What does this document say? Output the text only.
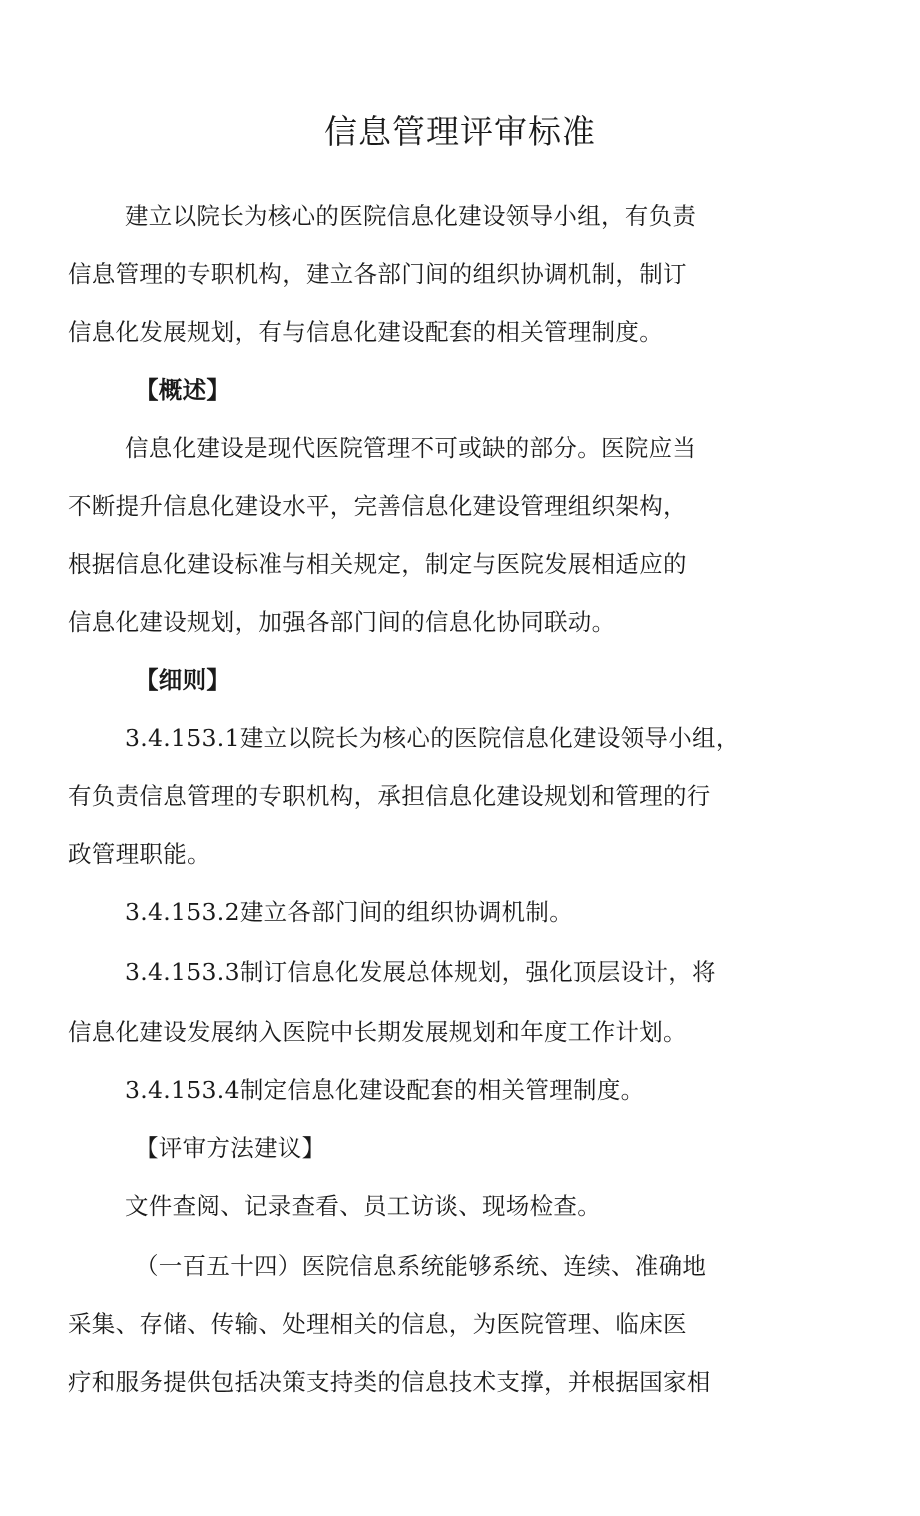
信息管理评审标准
建立以院长为核心的医院信息化建设领导小组，有负责
信息管理的专职机构，建立各部门间的组织协调机制，制订
信息化发展规划，有与信息化建设配套的相关管理制度。
【概述】
信息化建设是现代医院管理不可或缺的部分。医院应当
不断提升信息化建设水平，完善信息化建设管理组织架构，
根据信息化建设标准与相关规定，制定与医院发展相适应的
信息化建设规划，加强各部门间的信息化协同联动。
【细则】
3.4.153.1建立以院长为核心的医院信息化建设领导小组，
有负责信息管理的专职机构，承担信息化建设规划和管理的行
政管理职能。
3.4.153.2建立各部门间的组织协调机制。
3.4.153.3制订信息化发展总体规划，强化顶层设计，将
信息化建设发展纳入医院中长期发展规划和年度工作计划。
3.4.153.4制定信息化建设配套的相关管理制度。
【评审方法建议】
文件查阅、记录查看、员工访谈、现场检查。
（一百五十四）医院信息系统能够系统、连续、准确地
采集、存储、传输、处理相关的信息，为医院管理、临床医
疗和服务提供包括决策支持类的信息技术支撑，并根据国家相
